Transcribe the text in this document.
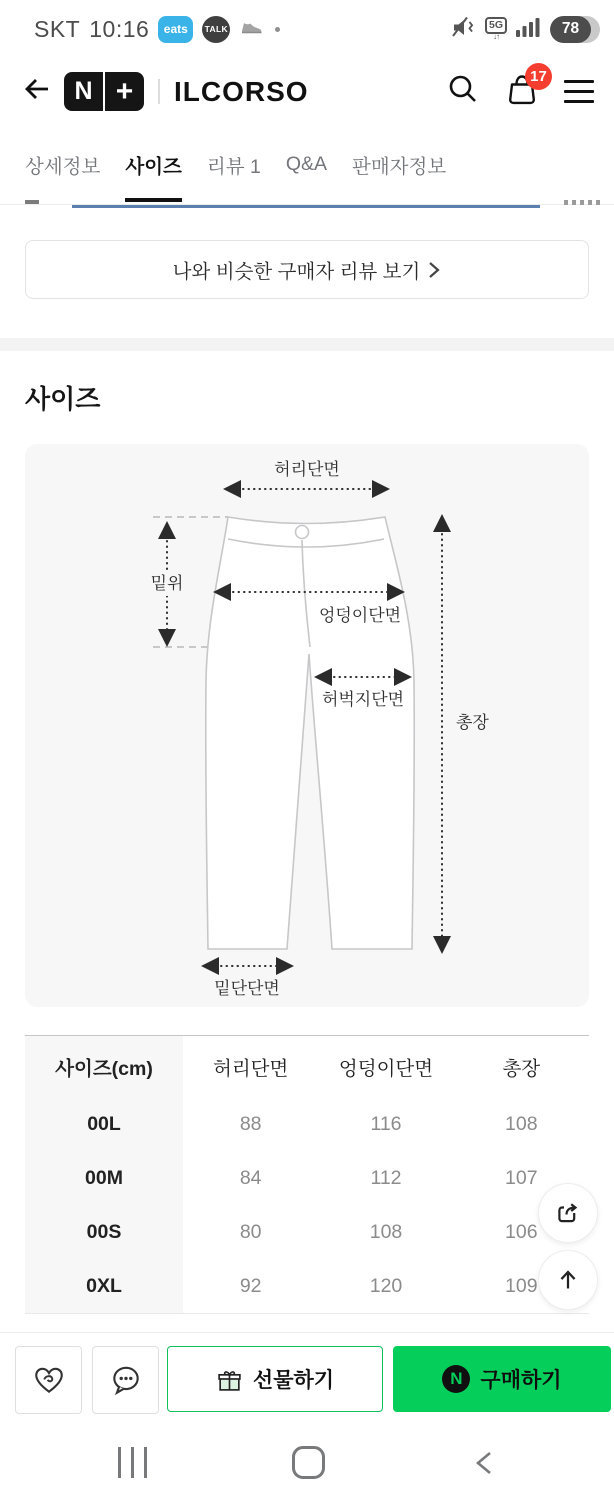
SKT 10:16	eats	TALK	5G
↓↑	78
N +	ILCORSO	17
상세정보 사이즈 리뷰 1 Q&A 판매자정보
나와 비슷한 구매자 리뷰 보기
사이즈
허리단면
밑위
엉덩이단면
허벅지단면
총장
밑단단면
사이즈(cm)	허리단면	엉덩이단면	총장
00L	88	116	108
00M	84	112	107
00S	80	108	106
0XL	92	120	109
선물하기	N 구매하기
